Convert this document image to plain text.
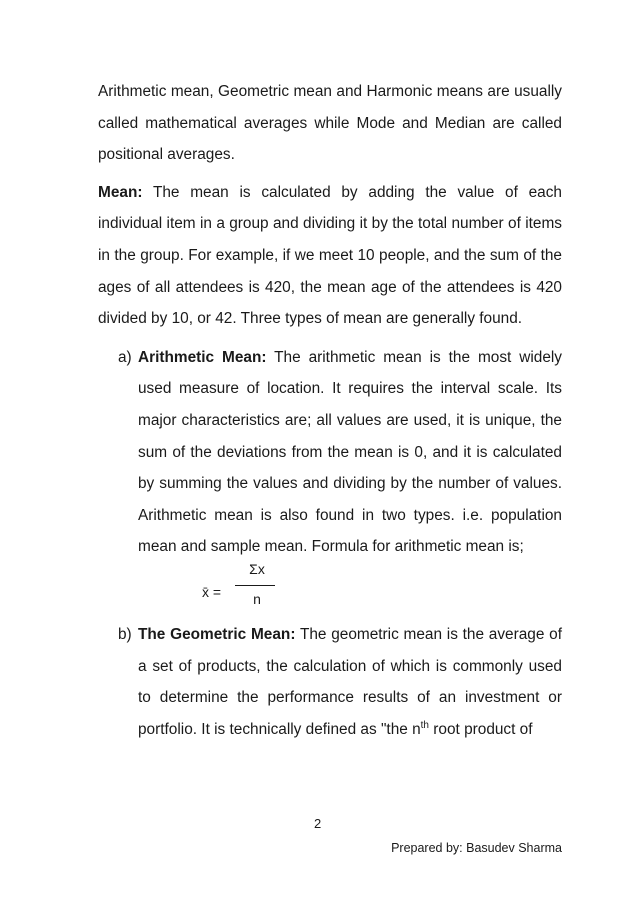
Arithmetic mean, Geometric mean and Harmonic means are usually called mathematical averages while Mode and Median are called positional averages.

Mean: The mean is calculated by adding the value of each individual item in a group and dividing it by the total number of items in the group. For example, if we meet 10 people, and the sum of the ages of all attendees is 420, the mean age of the attendees is 420 divided by 10, or 42. Three types of mean are generally found.

a) Arithmetic Mean: The arithmetic mean is the most widely used measure of location. It requires the interval scale. Its major characteristics are; all values are used, it is unique, the sum of the deviations from the mean is 0, and it is calculated by summing the values and dividing by the number of values. Arithmetic mean is also found in two types. i.e. population mean and sample mean. Formula for arithmetic mean is;
x̄ =
Σx
n
b) The Geometric Mean: The geometric mean is the average of a set of products, the calculation of which is commonly used to determine the performance results of an investment or portfolio. It is technically defined as "the $n^{th}$ root product of
2
Prepared by: Basudev Sharma
